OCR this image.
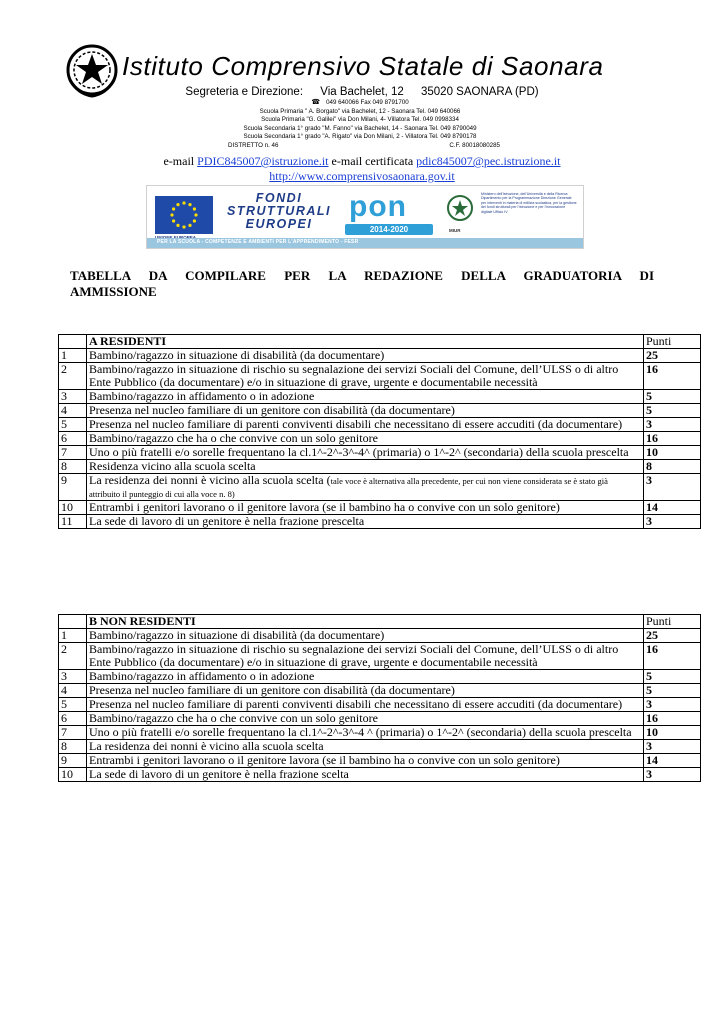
Istituto Comprensivo Statale di Saonara
Segreteria e Direzione: Via Bachelet, 12 35020 SAONARA (PD)
☎ 049 640066 Fax 049 8791700
Scuola Primaria " A. Borgato" via Bachelet, 12 - Saonara Tel. 049 640066
Scuola Primaria "G. Galilei" via Don Milani, 4- Villatora Tel. 049 0998334
Scuola Secondaria 1° grado "M. Fanno" via Bachelet, 14 - Saonara Tel. 049 8790049
Scuola Secondaria 1° grado "A. Rigato" via Don Milani, 2 - Villatora Tel. 049 8790178
DISTRETTO n. 46	C.F. 80018080285
e-mail PDIC845007@istruzione.it e-mail certificata pdic845007@pec.istruzione.it
http://www.comprensivosaonara.gov.it
FONDI
STRUTTURALI
EUROPEI
pon
2014-2020	MIUR
Ministero dell'Istruzione, dell'Università e della Ricerca Dipartimento per la Programmazione Direzione Generale per interventi in materia di edilizia scolastica, per la gestione dei fondi strutturali per l'istruzione e per l'innovazione digitale Ufficio IV
PER LA SCUOLA - COMPETENZE E AMBIENTI PER L'APPRENDIMENTO - FESR
TABELLA DA COMPILARE PER LA REDAZIONE DELLA GRADUATORIA DI
AMMISSIONE
	A RESIDENTI	Punti
1	Bambino/ragazzo in situazione di disabilità (da documentare)	25
2	Bambino/ragazzo in situazione di rischio su segnalazione dei servizi Sociali del Comune, dell’ULSS o di altro Ente Pubblico (da documentare) e/o in situazione di grave, urgente e documentabile necessità	16
3	Bambino/ragazzo in affidamento o in adozione	5
4	Presenza nel nucleo familiare di un genitore con disabilità (da documentare)	5
5	Presenza nel nucleo familiare di parenti conviventi disabili che necessitano di essere accuditi (da documentare)	3
6	Bambino/ragazzo che ha o che convive con un solo genitore	16
7	Uno o più fratelli e/o sorelle frequentano la cl.1^-2^-3^-4^ (primaria) o 1^-2^ (secondaria) della scuola prescelta	10
8	Residenza vicino alla scuola scelta	8
9	La residenza dei nonni è vicino alla scuola scelta (tale voce è alternativa alla precedente, per cui non viene considerata se è stato già attribuito il punteggio di cui alla voce n. 8)	3
10	Entrambi i genitori lavorano o il genitore lavora (se il bambino ha o convive con un solo genitore)	14
11	La sede di lavoro di un genitore è nella frazione prescelta	3
	B NON RESIDENTI	Punti
1	Bambino/ragazzo in situazione di disabilità (da documentare)	25
2	Bambino/ragazzo in situazione di rischio su segnalazione dei servizi Sociali del Comune, dell’ULSS o di altro Ente Pubblico (da documentare) e/o in situazione di grave, urgente e documentabile necessità	16
3	Bambino/ragazzo in affidamento o in adozione	5
4	Presenza nel nucleo familiare di un genitore con disabilità (da documentare)	5
5	Presenza nel nucleo familiare di parenti conviventi disabili che necessitano di essere accuditi (da documentare)	3
6	Bambino/ragazzo che ha o che convive con un solo genitore	16
7	Uno o più fratelli e/o sorelle frequentano la cl.1^-2^-3^-4 ^ (primaria) o 1^-2^ (secondaria) della scuola prescelta	10
8	La residenza dei nonni è vicino alla scuola scelta	3
9	Entrambi i genitori lavorano o il genitore lavora (se il bambino ha o convive con un solo genitore)	14
10	La sede di lavoro di un genitore è nella frazione scelta	3
